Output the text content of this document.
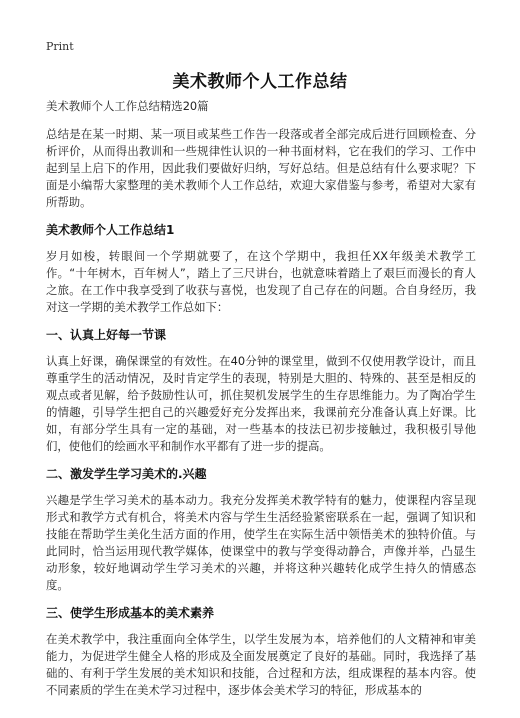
Print
美术教师个人工作总结

美术教师个人工作总结精选20篇

总结是在某一时期、某一项目或某些工作告一段落或者全部完成后进行回顾检查、分析评价，从而得出教训和一些规律性认识的一种书面材料，它在我们的学习、工作中起到呈上启下的作用，因此我们要做好归纳，写好总结。但是总结有什么要求呢？下面是小编帮大家整理的美术教师个人工作总结，欢迎大家借鉴与参考，希望对大家有所帮助。

美术教师个人工作总结1

岁月如梭，转眼间一个学期就要了，在这个学期中，我担任XX年级美术教学工作。“十年树木，百年树人”，踏上了三尺讲台，也就意味着踏上了艰巨而漫长的育人之旅。在工作中我享受到了收获与喜悦，也发现了自己存在的问题。合自身经历，我对这一学期的美术教学工作总如下：

一、认真上好每一节课

认真上好课，确保课堂的有效性。在40分钟的课堂里，做到不仅使用教学设计，而且尊重学生的活动情况，及时肯定学生的表现，特别是大胆的、特殊的、甚至是相反的观点或者见解，给予鼓励性认可，抓住契机发展学生的生存思维能力。为了陶冶学生的情趣，引导学生把自己的兴趣爱好充分发挥出来，我课前充分准备认真上好课。比如，有部分学生具有一定的基础，对一些基本的技法已初步接触过，我积极引导他们，使他们的绘画水平和制作水平都有了进一步的提高。

二、激发学生学习美术的.兴趣

兴趣是学生学习美术的基本动力。我充分发挥美术教学特有的魅力，使课程内容呈现形式和教学方式有机合，将美术内容与学生生活经验紧密联系在一起，强调了知识和技能在帮助学生美化生活方面的作用，使学生在实际生活中领悟美术的独特价值。与此同时，恰当运用现代教学媒体，使课堂中的教与学变得动静合，声像并举，凸显生动形象，较好地调动学生学习美术的兴趣，并将这种兴趣转化成学生持久的情感态度。

三、使学生形成基本的美术素养

在美术教学中，我注重面向全体学生，以学生发展为本，培养他们的人文精神和审美能力，为促进学生健全人格的形成及全面发展奠定了良好的基础。同时，我选择了基础的、有利于学生发展的美术知识和技能，合过程和方法，组成课程的基本内容。使不同素质的学生在美术学习过程中，逐步体会美术学习的特征，形成基本的
